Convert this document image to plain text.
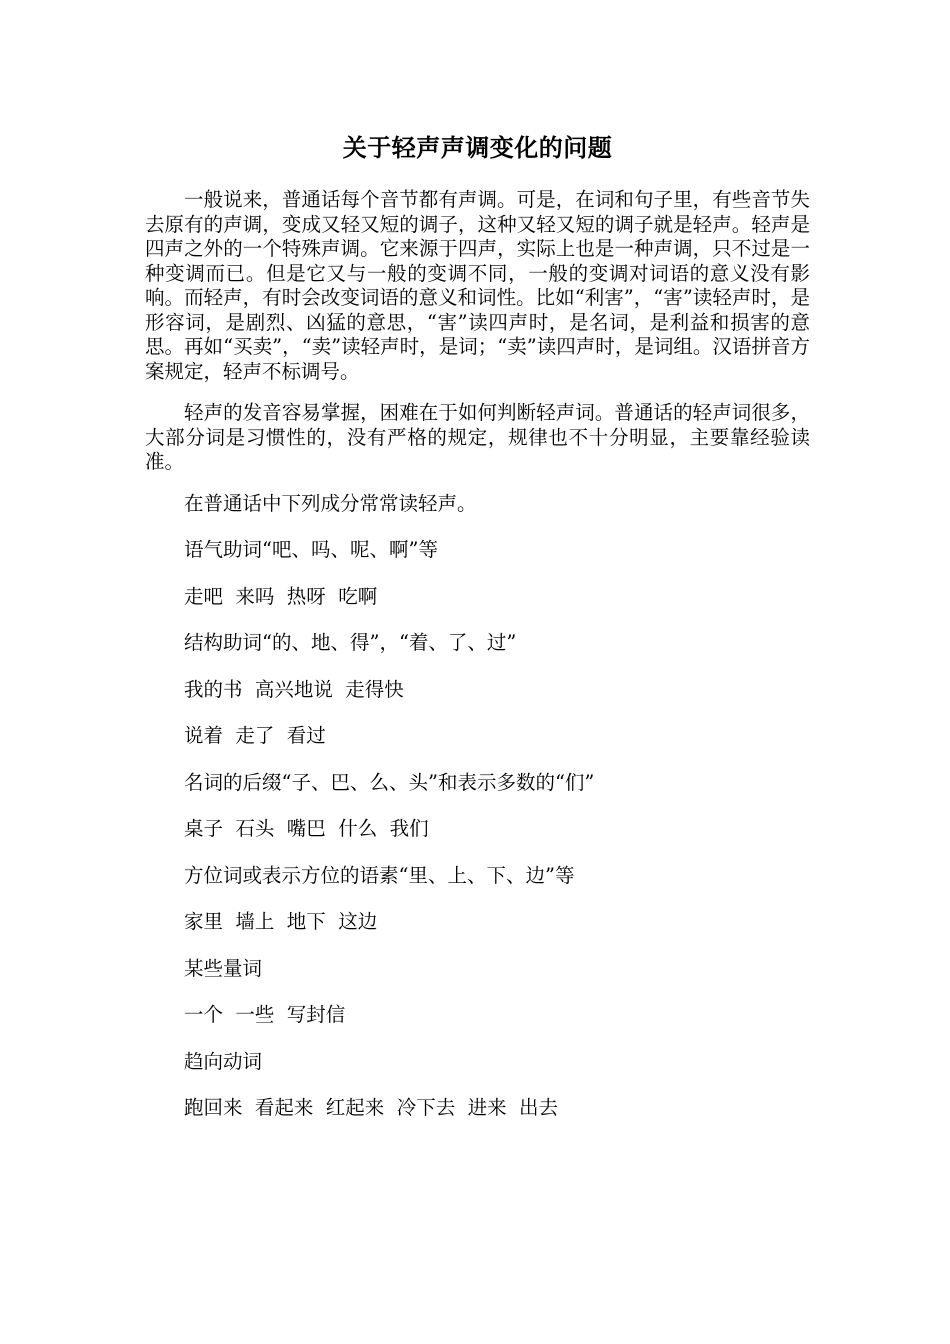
关于轻声声调变化的问题

一般说来，普通话每个音节都有声调。可是，在词和句子里，有些音节失去原有的声调，变成又轻又短的调子，这种又轻又短的调子就是轻声。轻声是四声之外的一个特殊声调。它来源于四声，实际上也是一种声调，只不过是一种变调而已。但是它又与一般的变调不同，一般的变调对词语的意义没有影响。而轻声，有时会改变词语的意义和词性。比如“利害”，“害”读轻声时，是形容词，是剧烈、凶猛的意思，“害”读四声时，是名词，是利益和损害的意思。再如“买卖”，“卖”读轻声时，是词；“卖”读四声时，是词组。汉语拼音方案规定，轻声不标调号。

轻声的发音容易掌握，困难在于如何判断轻声词。普通话的轻声词很多，大部分词是习惯性的，没有严格的规定，规律也不十分明显，主要靠经验读准。

在普通话中下列成分常常读轻声。
语气助词“吧、吗、呢、啊”等
走吧  来吗  热呀  吃啊
结构助词“的、地、得”，“着、了、过”
我的书  高兴地说  走得快
说着  走了  看过
名词的后缀“子、巴、么、头”和表示多数的“们”
桌子  石头  嘴巴  什么  我们
方位词或表示方位的语素“里、上、下、边”等
家里  墙上  地下  这边
某些量词
一个  一些  写封信
趋向动词
跑回来  看起来  红起来  冷下去  进来  出去
